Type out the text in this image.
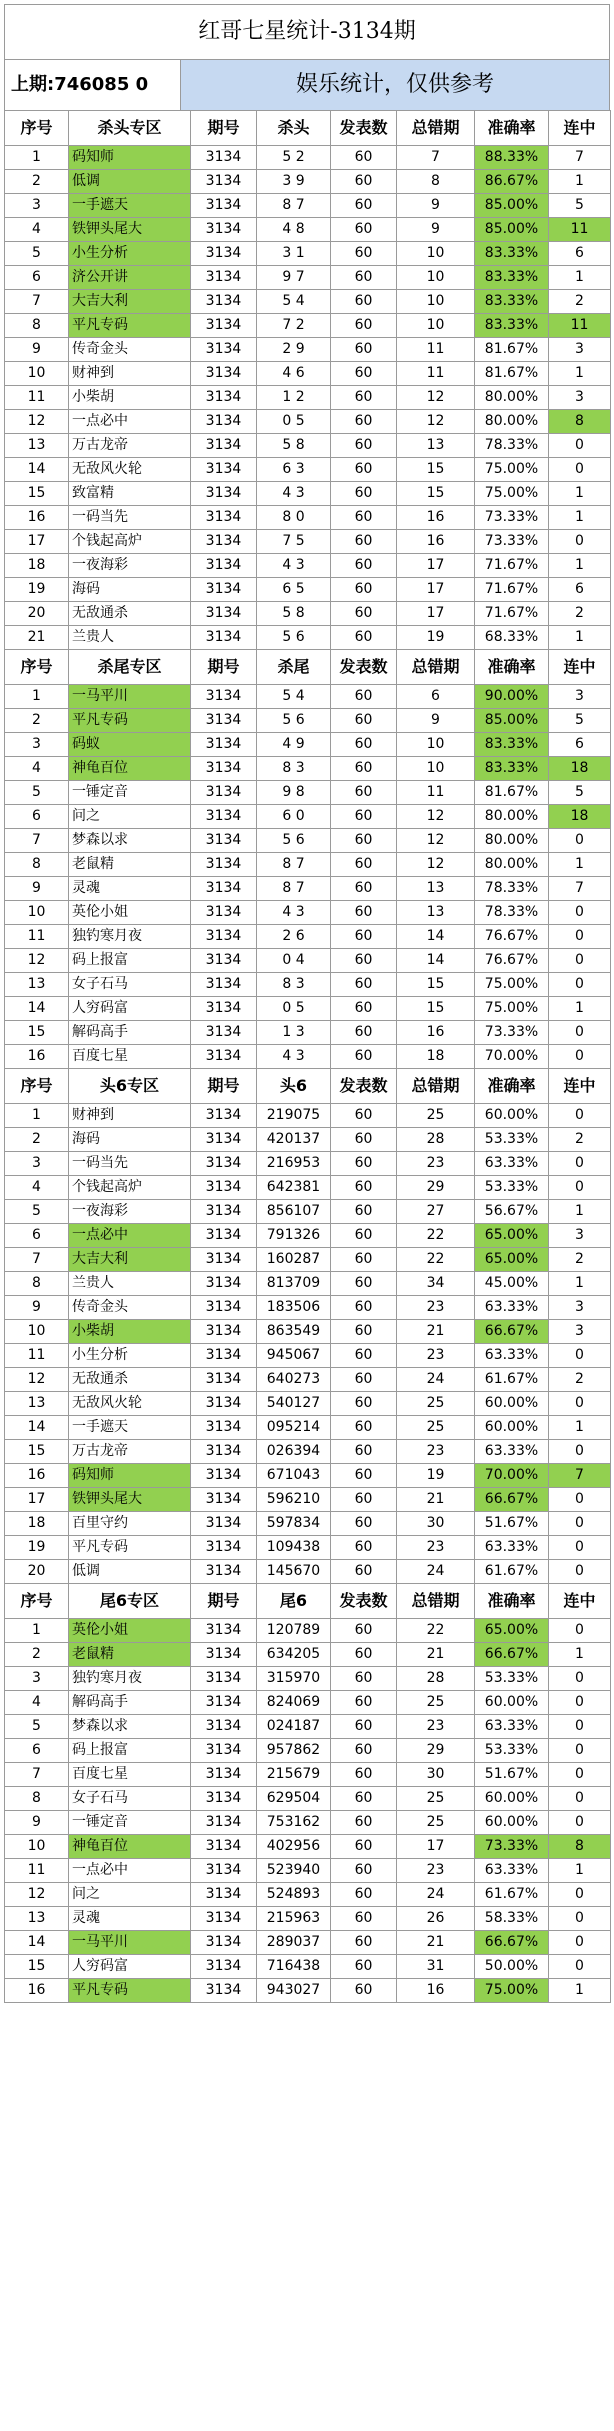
红哥七星统计-3134期
上期:746085 0	娱乐统计，仅供参考
序号	杀头专区	期号	杀头	发表数	总错期	准确率	连中
1	码知师	3134	5 2	60	7	88.33%	7
2	低调	3134	3 9	60	8	86.67%	1
3	一手遮天	3134	8 7	60	9	85.00%	5
4	铁钾头尾大	3134	4 8	60	9	85.00%	11
5	小生分析	3134	3 1	60	10	83.33%	6
6	济公开讲	3134	9 7	60	10	83.33%	1
7	大吉大利	3134	5 4	60	10	83.33%	2
8	平凡专码	3134	7 2	60	10	83.33%	11
9	传奇金头	3134	2 9	60	11	81.67%	3
10	财神到	3134	4 6	60	11	81.67%	1
11	小柴胡	3134	1 2	60	12	80.00%	3
12	一点必中	3134	0 5	60	12	80.00%	8
13	万古龙帝	3134	5 8	60	13	78.33%	0
14	无敌风火轮	3134	6 3	60	15	75.00%	0
15	致富精	3134	4 3	60	15	75.00%	1
16	一码当先	3134	8 0	60	16	73.33%	1
17	个钱起高炉	3134	7 5	60	16	73.33%	0
18	一夜海彩	3134	4 3	60	17	71.67%	1
19	海码	3134	6 5	60	17	71.67%	6
20	无敌通杀	3134	5 8	60	17	71.67%	2
21	兰贵人	3134	5 6	60	19	68.33%	1
序号	杀尾专区	期号	杀尾	发表数	总错期	准确率	连中
1	一马平川	3134	5 4	60	6	90.00%	3
2	平凡专码	3134	5 6	60	9	85.00%	5
3	码蚁	3134	4 9	60	10	83.33%	6
4	神龟百位	3134	8 3	60	10	83.33%	18
5	一锤定音	3134	9 8	60	11	81.67%	5
6	问之	3134	6 0	60	12	80.00%	18
7	梦森以求	3134	5 6	60	12	80.00%	0
8	老鼠精	3134	8 7	60	12	80.00%	1
9	灵魂	3134	8 7	60	13	78.33%	7
10	英伦小姐	3134	4 3	60	13	78.33%	0
11	独钓寒月夜	3134	2 6	60	14	76.67%	0
12	码上报富	3134	0 4	60	14	76.67%	0
13	女子石马	3134	8 3	60	15	75.00%	0
14	人穷码富	3134	0 5	60	15	75.00%	1
15	解码高手	3134	1 3	60	16	73.33%	0
16	百度七星	3134	4 3	60	18	70.00%	0
序号	头6专区	期号	头6	发表数	总错期	准确率	连中
1	财神到	3134	219075	60	25	60.00%	0
2	海码	3134	420137	60	28	53.33%	2
3	一码当先	3134	216953	60	23	63.33%	0
4	个钱起高炉	3134	642381	60	29	53.33%	0
5	一夜海彩	3134	856107	60	27	56.67%	1
6	一点必中	3134	791326	60	22	65.00%	3
7	大吉大利	3134	160287	60	22	65.00%	2
8	兰贵人	3134	813709	60	34	45.00%	1
9	传奇金头	3134	183506	60	23	63.33%	3
10	小柴胡	3134	863549	60	21	66.67%	3
11	小生分析	3134	945067	60	23	63.33%	0
12	无敌通杀	3134	640273	60	24	61.67%	2
13	无敌风火轮	3134	540127	60	25	60.00%	0
14	一手遮天	3134	095214	60	25	60.00%	1
15	万古龙帝	3134	026394	60	23	63.33%	0
16	码知师	3134	671043	60	19	70.00%	7
17	铁钾头尾大	3134	596210	60	21	66.67%	0
18	百里守约	3134	597834	60	30	51.67%	0
19	平凡专码	3134	109438	60	23	63.33%	0
20	低调	3134	145670	60	24	61.67%	0
序号	尾6专区	期号	尾6	发表数	总错期	准确率	连中
1	英伦小姐	3134	120789	60	22	65.00%	0
2	老鼠精	3134	634205	60	21	66.67%	1
3	独钓寒月夜	3134	315970	60	28	53.33%	0
4	解码高手	3134	824069	60	25	60.00%	0
5	梦森以求	3134	024187	60	23	63.33%	0
6	码上报富	3134	957862	60	29	53.33%	0
7	百度七星	3134	215679	60	30	51.67%	0
8	女子石马	3134	629504	60	25	60.00%	0
9	一锤定音	3134	753162	60	25	60.00%	0
10	神龟百位	3134	402956	60	17	73.33%	8
11	一点必中	3134	523940	60	23	63.33%	1
12	问之	3134	524893	60	24	61.67%	0
13	灵魂	3134	215963	60	26	58.33%	0
14	一马平川	3134	289037	60	21	66.67%	0
15	人穷码富	3134	716438	60	31	50.00%	0
16	平凡专码	3134	943027	60	16	75.00%	1
